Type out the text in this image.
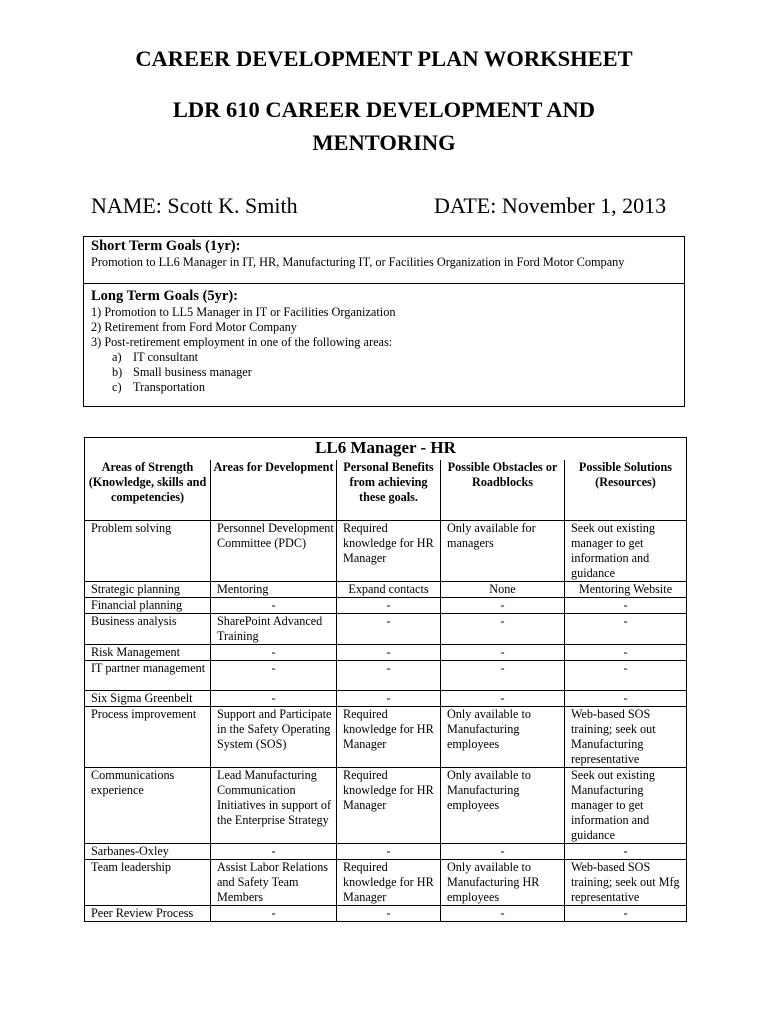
CAREER DEVELOPMENT PLAN WORKSHEET
LDR 610 CAREER DEVELOPMENT AND MENTORING
NAME: Scott K. Smith	DATE: November 1, 2013
Short Term Goals (1yr):
Promotion to LL6 Manager in IT, HR, Manufacturing IT, or Facilities Organization in Ford Motor Company
Long Term Goals (5yr):
1) Promotion to LL5 Manager in IT or Facilities Organization
2) Retirement from Ford Motor Company
3) Post-retirement employment in one of the following areas:
a) IT consultant
b) Small business manager
c) Transportation
LL6 Manager - HR				
Areas of Strength (Knowledge, skills and competencies)	Areas for Development	Personal Benefits from achieving these goals.	Possible Obstacles or Roadblocks	Possible Solutions (Resources)
Problem solving	Personnel Development Committee (PDC)	Required knowledge for HR Manager	Only available for managers	Seek out existing manager to get information and guidance
Strategic planning	Mentoring	Expand contacts	None	Mentoring Website
Financial planning	-	-	-	-
Business analysis	SharePoint Advanced Training	-	-	-
Risk Management	-	-	-	-
IT partner management	-	-	-	-
Six Sigma Greenbelt	-	-	-	-
Process improvement	Support and Participate in the Safety Operating System (SOS)	Required knowledge for HR Manager	Only available to Manufacturing employees	Web-based SOS training; seek out Manufacturing representative
Communications experience	Lead Manufacturing Communication Initiatives in support of the Enterprise Strategy	Required knowledge for HR Manager	Only available to Manufacturing employees	Seek out existing Manufacturing manager to get information and guidance
Sarbanes-Oxley	-	-	-	-
Team leadership	Assist Labor Relations and Safety Team Members	Required knowledge for HR Manager	Only available to Manufacturing HR employees	Web-based SOS training; seek out Mfg representative
Peer Review Process	-	-	-	-
